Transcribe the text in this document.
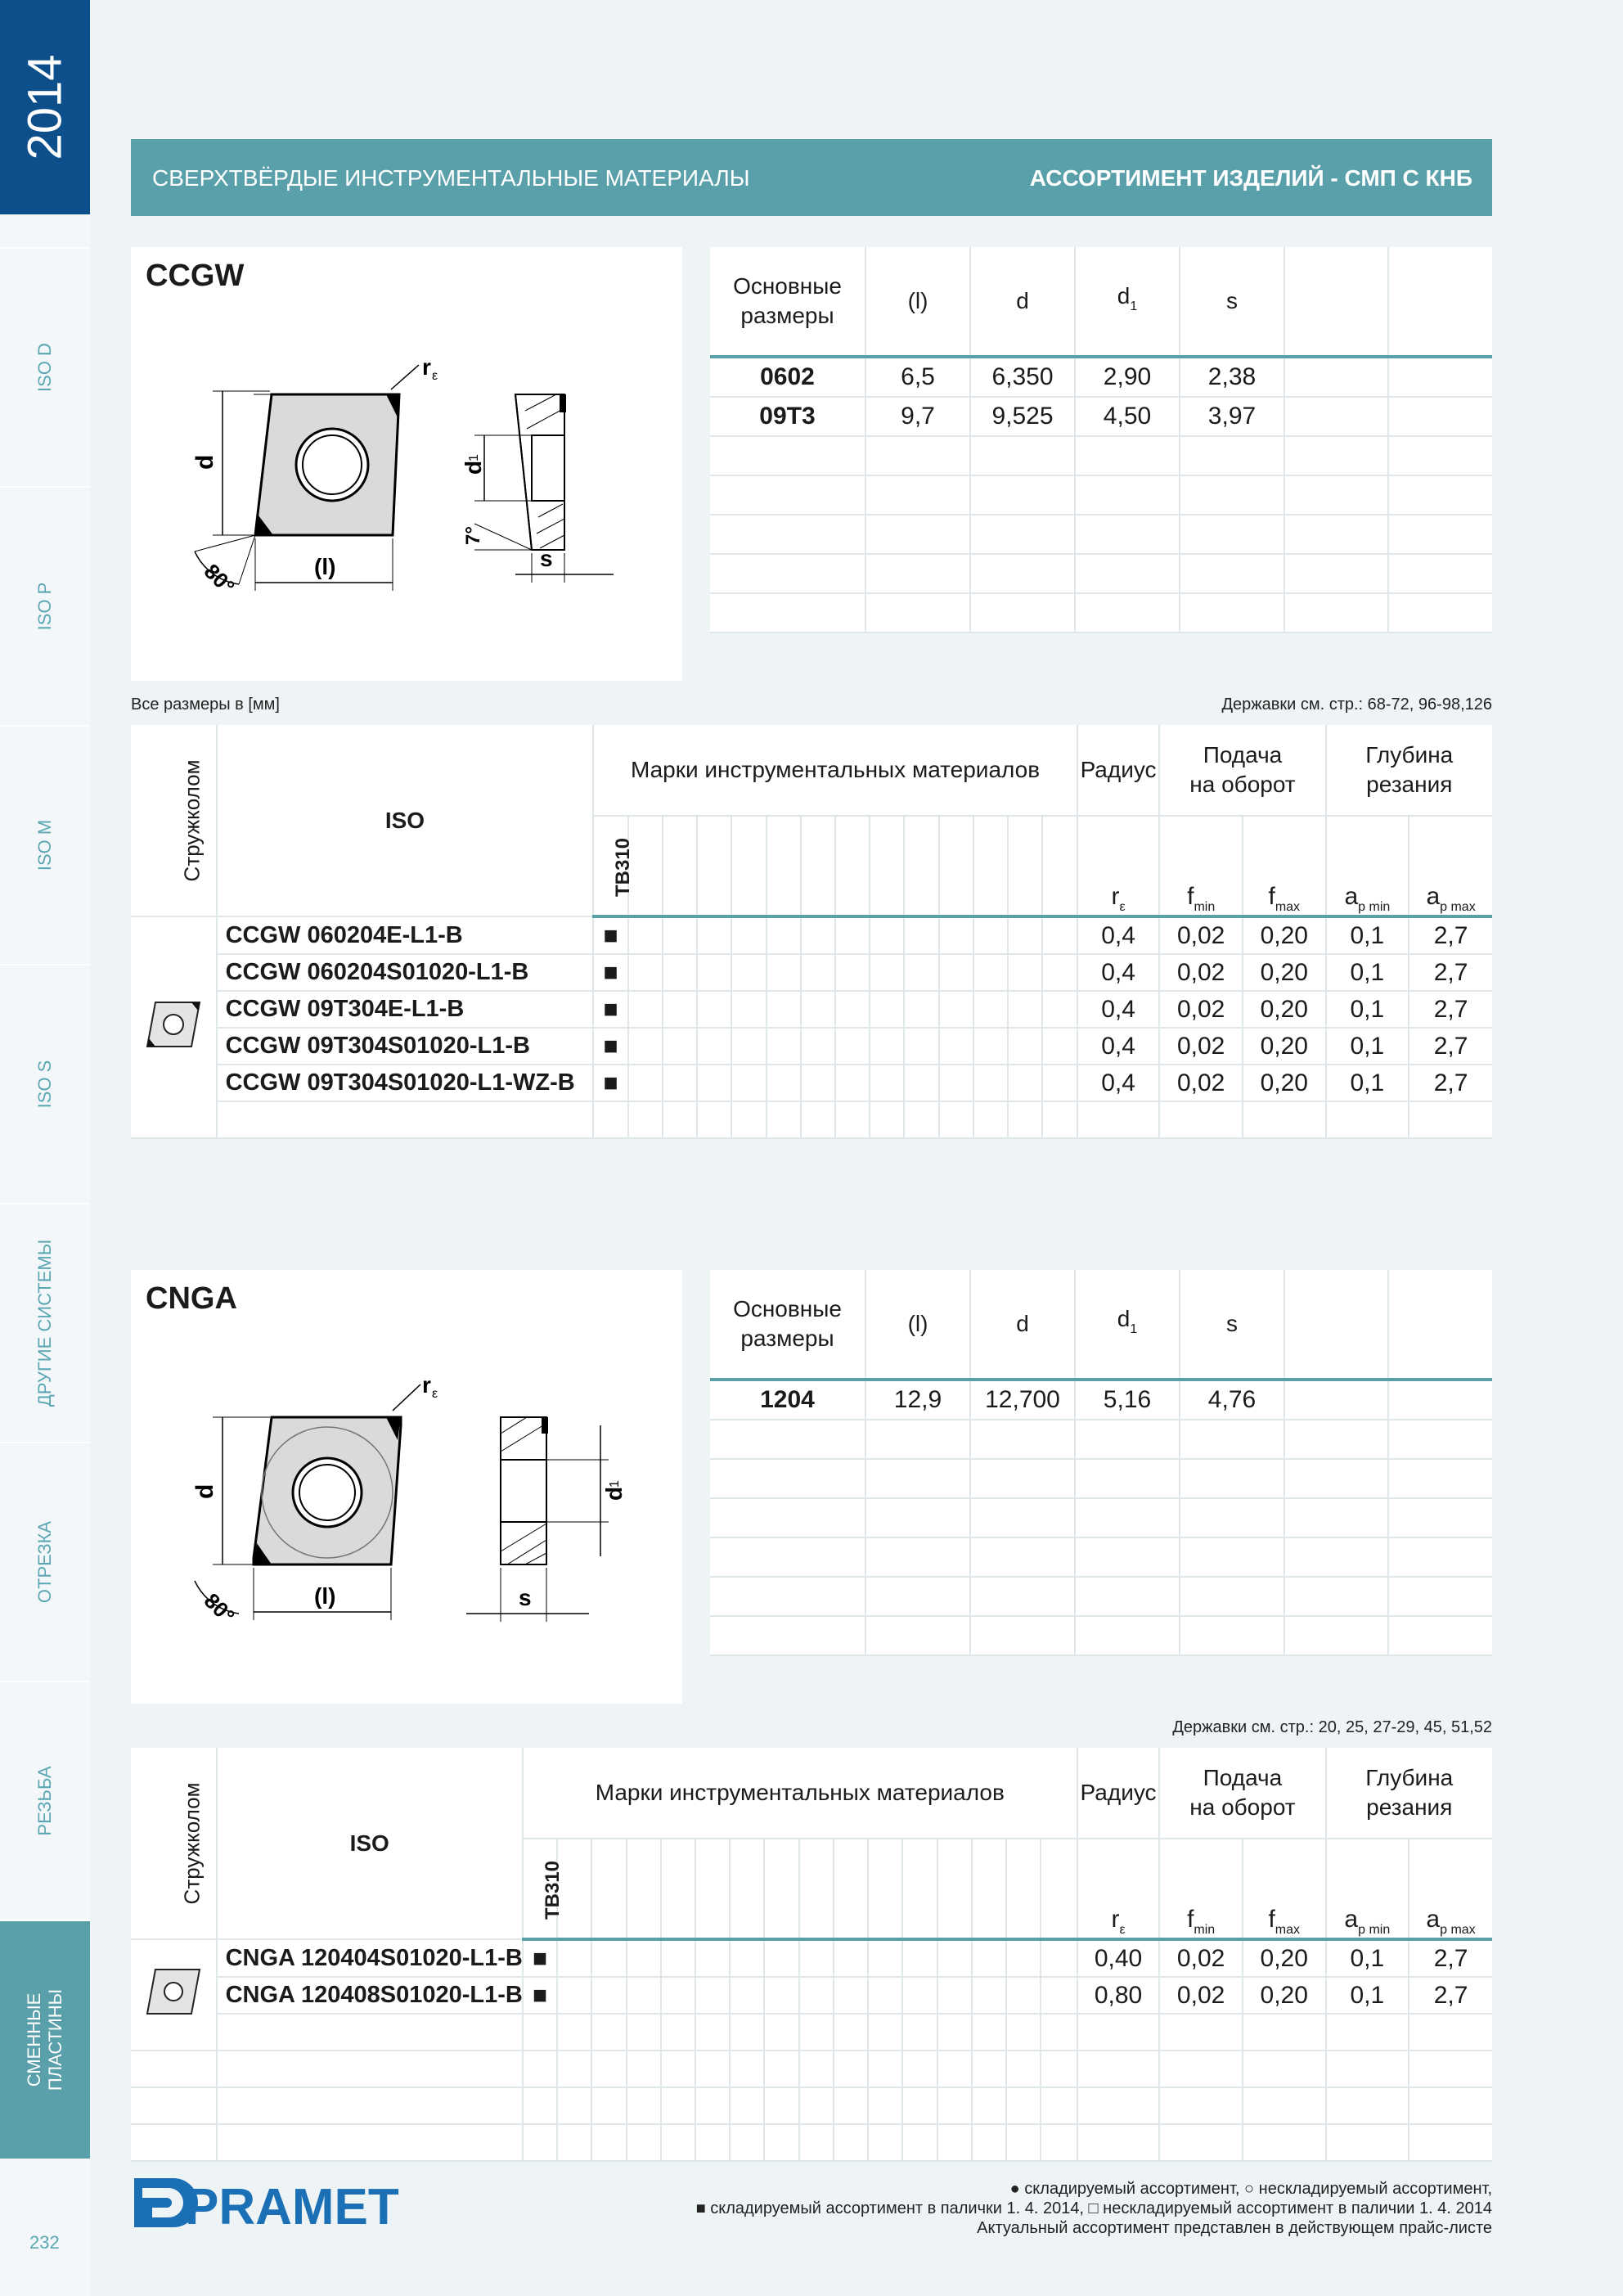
2014
ISO D
ISO P
ISO M
ISO S
ДРУГИЕ СИСТЕМЫ
ОТРЕЗКА
РЕЗЬБА
СМЕННЫЕ ПЛАСТИНЫ
232
СВЕРХТВЁРДЫЕ ИНСТРУМЕНТАЛЬНЫЕ МАТЕРИАЛЫ	АССОРТИМЕНТ ИЗДЕЛИЙ - СМП С КНБ
CCGW
r ε
d
(l)
80°
d
1
7°
s
Основные
размеры	(l)	d	$d_1$	s		
0602	6,5	6,350	2,90	2,38		
09T3	9,7	9,525	4,50	3,97		

Все размеры в [мм]	Державки см. стр.: 68-72, 96-98,126
Стружколом	ISO	Марки инструментальных материалов														Радиус	Подача
на оборот		Глубина
резания	
		TB310														$r_\varepsilon$	$f_{min}$	$f_{max}$	$a_{p min}$	$a_{p max}$
	CCGW 060204E-L1-B	■														0,4	0,02	0,20	0,1	2,7
	CCGW 060204S01020-L1-B	■														0,4	0,02	0,20	0,1	2,7
	CCGW 09T304E-L1-B	■														0,4	0,02	0,20	0,1	2,7
	CCGW 09T304S01020-L1-B	■														0,4	0,02	0,20	0,1	2,7
	CCGW 09T304S01020-L1-WZ-B	■														0,4	0,02	0,20	0,1	2,7

CNGA
r ε
d
(l)
80°
d
1
s
Основные
размеры	(l)	d	$d_1$	s		
1204	12,9	12,700	5,16	4,76		

Державки см. стр.: 20, 25, 27-29, 45, 51,52
Стружколом	ISO	Марки инструментальных материалов																Радиус	Подача
на оборот		Глубина
резания	
		TB310																$r_\varepsilon$	$f_{min}$	$f_{max}$	$a_{p min}$	$a_{p max}$
	CNGA 120404S01020-L1-B	■																0,40	0,02	0,20	0,1	2,7
	CNGA 120408S01020-L1-B	■																0,80	0,02	0,20	0,1	2,7

PRAMET	● складируемый ассортимент, ○ нескладируемый ассортимент,
■ складируемый ассортимент в палички 1. 4. 2014, □ нескладируемый ассортимент в паличии 1. 4. 2014
Актуальный ассортимент представлен в действующем прайс-листе
